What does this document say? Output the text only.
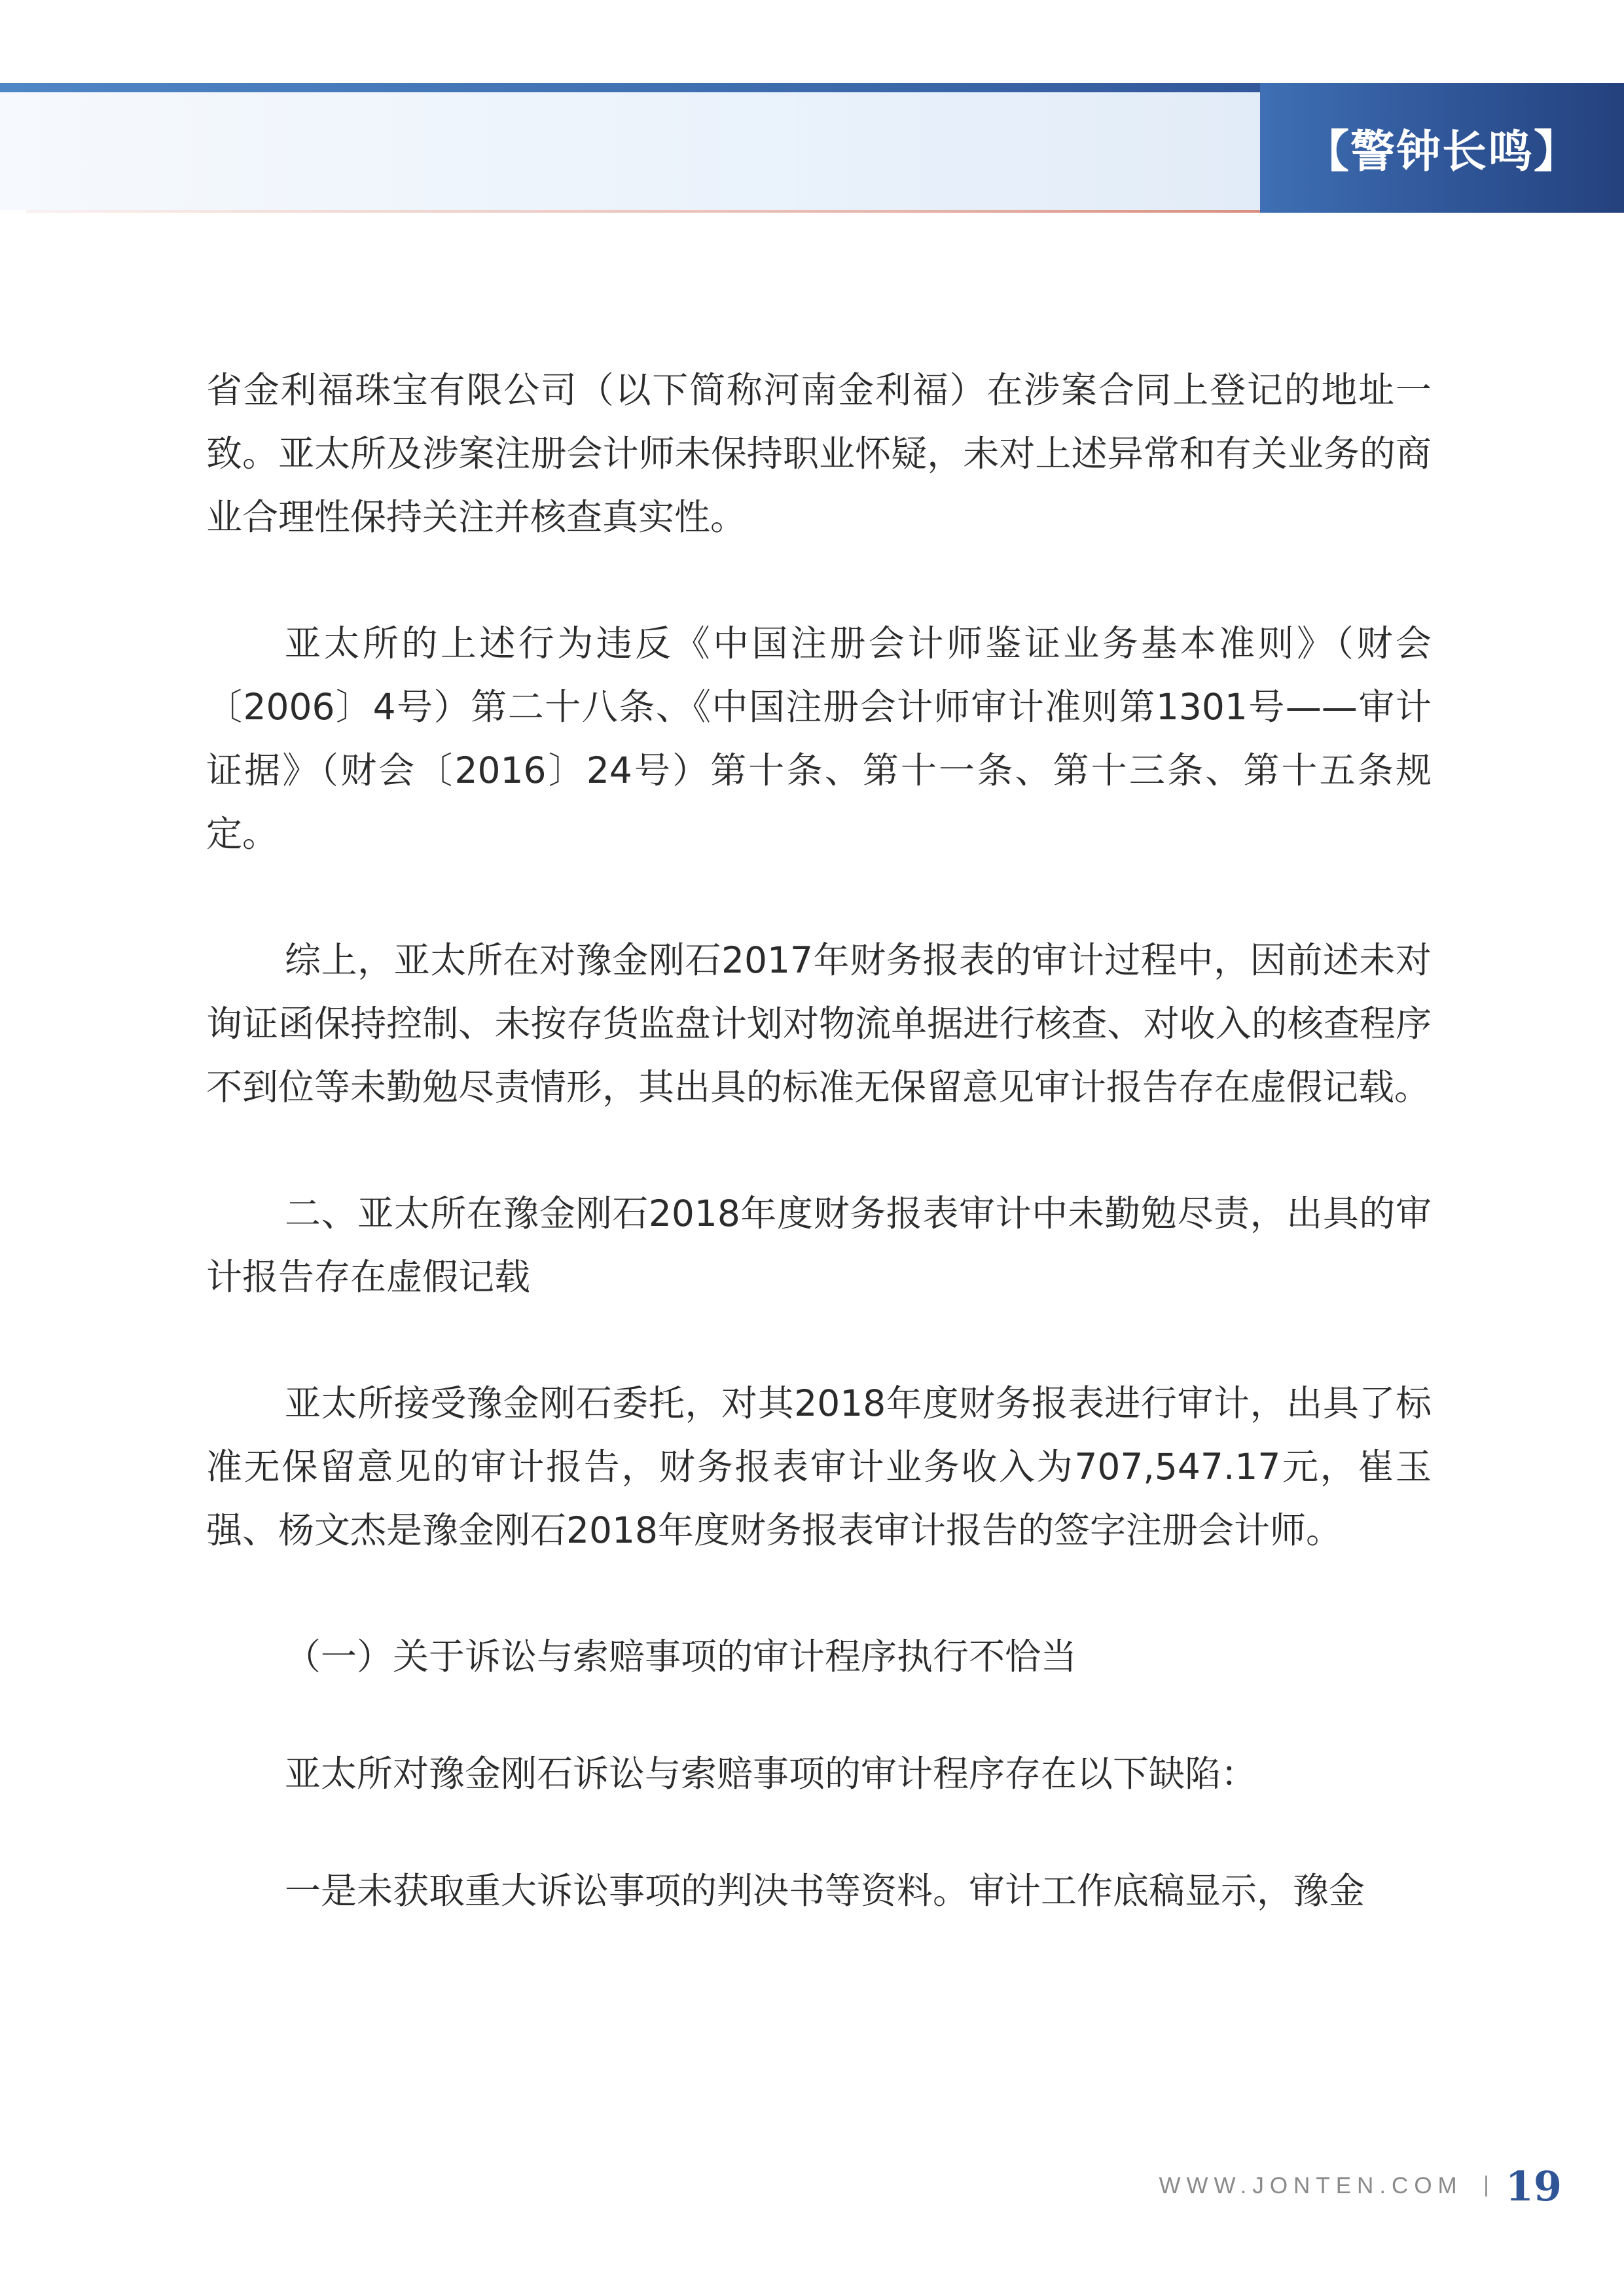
【警钟长鸣】

省金利福珠宝有限公司（以下简称河南金利福）在涉案合同上登记的地址一致。亚太所及涉案注册会计师未保持职业怀疑，未对上述异常和有关业务的商业合理性保持关注并核查真实性。

亚太所的上述行为违反《中国注册会计师鉴证业务基本准则》（财会〔2006〕4号）第二十八条、《中国注册会计师审计准则第1301号——审计证据》（财会〔2016〕24号）第十条、第十一条、第十三条、第十五条规定。

综上，亚太所在对豫金刚石2017年财务报表的审计过程中，因前述未对询证函保持控制、未按存货监盘计划对物流单据进行核查、对收入的核查程序不到位等未勤勉尽责情形，其出具的标准无保留意见审计报告存在虚假记载。

二、亚太所在豫金刚石2018年度财务报表审计中未勤勉尽责，出具的审计报告存在虚假记载

亚太所接受豫金刚石委托，对其2018年度财务报表进行审计，出具了标准无保留意见的审计报告，财务报表审计业务收入为707,547.17元，崔玉强、杨文杰是豫金刚石2018年度财务报表审计报告的签字注册会计师。

（一）关于诉讼与索赔事项的审计程序执行不恰当

亚太所对豫金刚石诉讼与索赔事项的审计程序存在以下缺陷：

一是未获取重大诉讼事项的判决书等资料。审计工作底稿显示，豫金

WWW.JONTEN.COM 19
